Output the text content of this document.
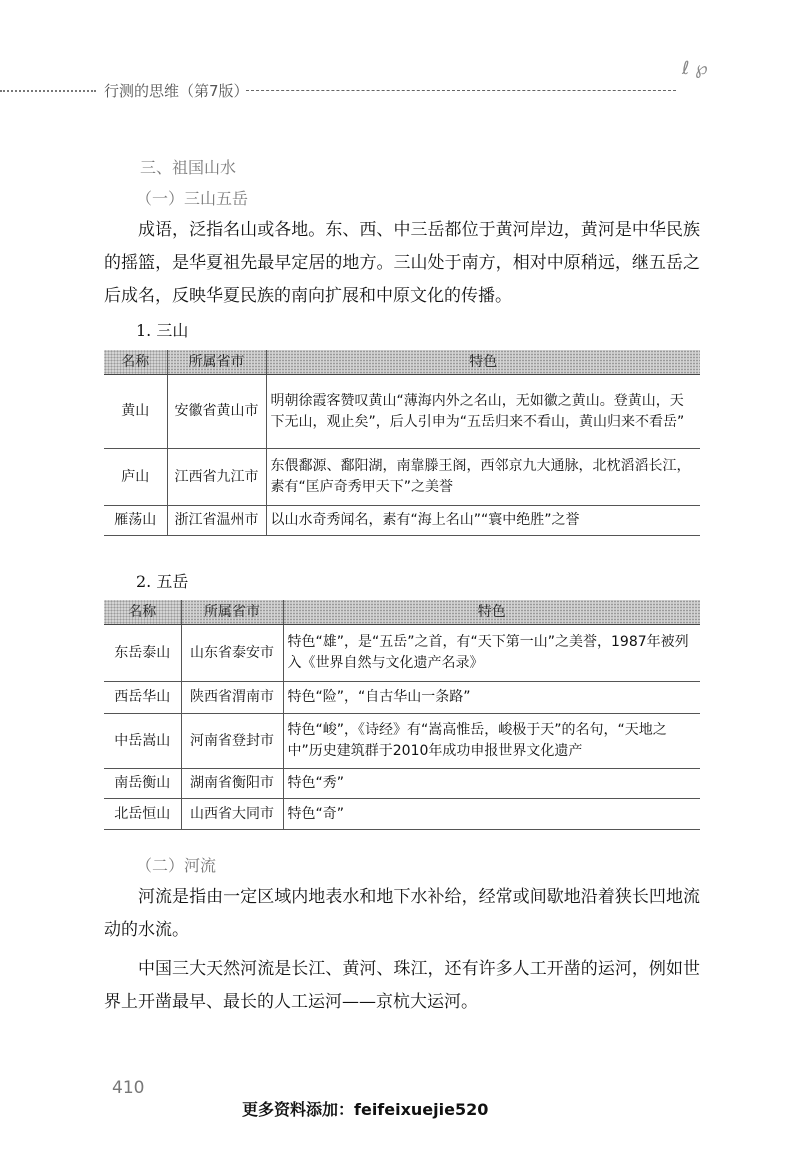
行测的思维（第7版）
ℓ ℘
三、祖国山水
（一）三山五岳

成语，泛指名山或各地。东、西、中三岳都位于黄河岸边，黄河是中华民族的摇篮，是华夏祖先最早定居的地方。三山处于南方，相对中原稍远，继五岳之后成名，反映华夏民族的南向扩展和中原文化的传播。

1. 三山
名称	所属省市	特色
黄山	安徽省黄山市	明朝徐霞客赞叹黄山“薄海内外之名山，无如徽之黄山。登黄山，天下无山，观止矣”，后人引申为“五岳归来不看山，黄山归来不看岳”
庐山	江西省九江市	东偎鄱源、鄱阳湖，南靠滕王阁，西邻京九大通脉，北枕滔滔长江，素有“匡庐奇秀甲天下”之美誉
雁荡山	浙江省温州市	以山水奇秀闻名，素有“海上名山”“寰中绝胜”之誉
2. 五岳
名称	所属省市	特色
东岳泰山	山东省泰安市	特色“雄”，是“五岳”之首，有“天下第一山”之美誉，1987年被列入《世界自然与文化遗产名录》
西岳华山	陕西省渭南市	特色“险”，“自古华山一条路”
中岳嵩山	河南省登封市	特色“峻”，《诗经》有“嵩高惟岳，峻极于天”的名句，“天地之中”历史建筑群于2010年成功申报世界文化遗产
南岳衡山	湖南省衡阳市	特色“秀”
北岳恒山	山西省大同市	特色“奇”
（二）河流

河流是指由一定区域内地表水和地下水补给，经常或间歇地沿着狭长凹地流动的水流。

中国三大天然河流是长江、黄河、珠江，还有许多人工开凿的运河，例如世界上开凿最早、最长的人工运河——京杭大运河。

410
更多资料添加：feifeixuejie520
